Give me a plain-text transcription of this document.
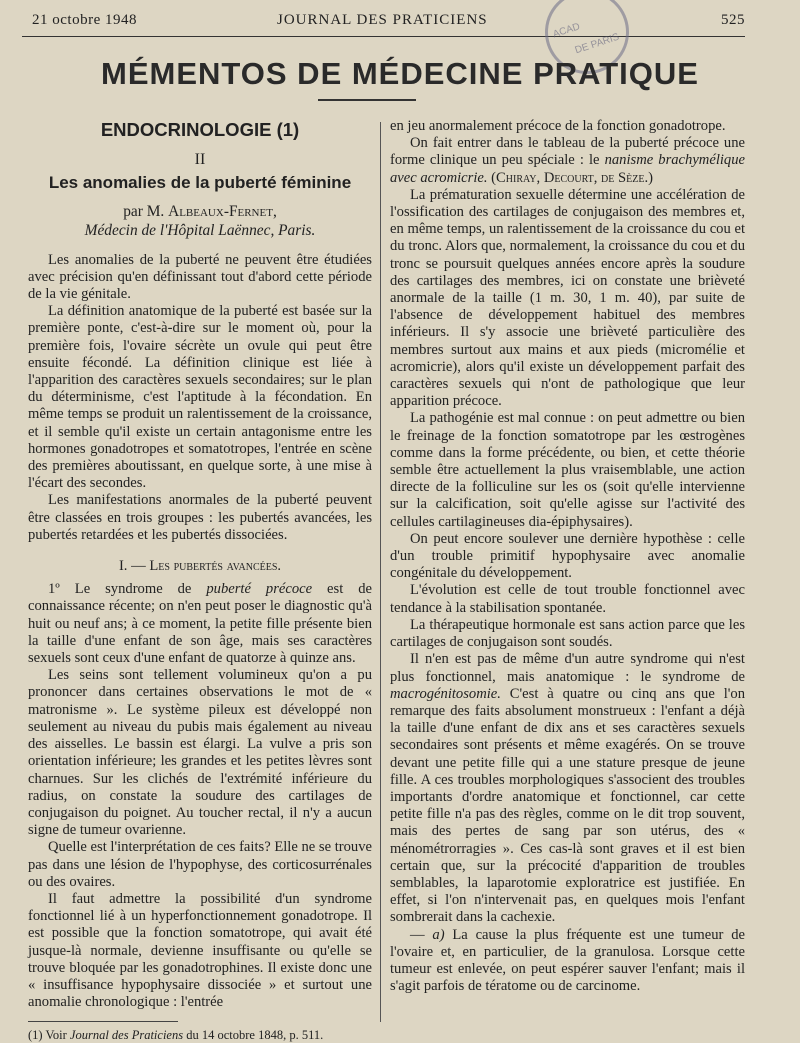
21 octobre 1948	JOURNAL DES PRATICIENS	525
ACAD
DE PARIS
MÉMENTOS DE MÉDECINE PRATIQUE
ENDOCRINOLOGIE (1)
II
Les anomalies de la puberté féminine
par M. Albeaux-Fernet,
Médecin de l'Hôpital Laënnec, Paris.

Les anomalies de la puberté ne peuvent être étudiées avec précision qu'en définissant tout d'abord cette période de la vie génitale.

La définition anatomique de la puberté est basée sur la première ponte, c'est-à-dire sur le moment où, pour la première fois, l'ovaire sécrète un ovule qui peut être ensuite fécondé. La définition clinique est liée à l'apparition des caractères sexuels secondaires; sur le plan du déterminisme, c'est l'aptitude à la fécondation. En même temps se produit un ralentissement de la croissance, et il semble qu'il existe un certain antagonisme entre les hormones gonadotropes et somatotropes, l'entrée en scène des premières aboutissant, en quelque sorte, à une mise à l'écart des secondes.

Les manifestations anormales de la puberté peuvent être classées en trois groupes : les pubertés avancées, les pubertés retardées et les pubertés dissociées.

I. — Les pubertés avancées.

1º Le syndrome de puberté précoce est de connaissance récente; on n'en peut poser le diagnostic qu'à huit ou neuf ans; à ce moment, la petite fille présente bien la taille d'une enfant de son âge, mais ses caractères sexuels sont ceux d'une enfant de quatorze à quinze ans.

Les seins sont tellement volumineux qu'on a pu prononcer dans certaines observations le mot de « matronisme ». Le système pileux est développé non seulement au niveau du pubis mais également au niveau des aisselles. Le bassin est élargi. La vulve a pris son orientation inférieure; les grandes et les petites lèvres sont charnues. Sur les clichés de l'extrémité inférieure du radius, on constate la soudure des cartilages de conjugaison du poignet. Au toucher rectal, il n'y a aucun signe de tumeur ovarienne.

Quelle est l'interprétation de ces faits? Elle ne se trouve pas dans une lésion de l'hypophyse, des corticosurrénales ou des ovaires.

Il faut admettre la possibilité d'un syndrome fonctionnel lié à un hyperfonctionnement gonadotrope. Il est possible que la fonction somatotrope, qui avait été jusque-là normale, devienne insuffisante ou qu'elle se trouve bloquée par les gonadotrophines. Il existe donc une « insuffisance hypophysaire dissociée » et surtout une anomalie chronologique : l'entrée

(1) Voir Journal des Praticiens du 14 octobre 1848, p. 511.

en jeu anormalement précoce de la fonction gonadotrope.

On fait entrer dans le tableau de la puberté précoce une forme clinique un peu spéciale : le nanisme brachymélique avec acromicrie. (Chiray, Decourt, de Sèze.)

La prématuration sexuelle détermine une accélération de l'ossification des cartilages de conjugaison des membres et, en même temps, un ralentissement de la croissance du cou et du tronc. Alors que, normalement, la croissance du cou et du tronc se poursuit quelques années encore après la soudure des cartilages des membres, ici on constate une brièveté anormale de la taille (1 m. 30, 1 m. 40), par suite de l'absence de développement habituel des membres inférieurs. Il s'y associe une brièveté particulière des membres surtout aux mains et aux pieds (micromélie et acromicrie), alors qu'il existe un développement parfait des caractères sexuels qui n'ont de pathologique que leur apparition précoce.

La pathogénie est mal connue : on peut admettre ou bien le freinage de la fonction somatotrope par les œstrogènes comme dans la forme précédente, ou bien, et cette théorie semble être actuellement la plus vraisemblable, une action directe de la folliculine sur les os (soit qu'elle intervienne sur la calcification, soit qu'elle agisse sur l'activité des cellules cartilagineuses dia-épiphysaires).

On peut encore soulever une dernière hypothèse : celle d'un trouble primitif hypophysaire avec anomalie congénitale du développement.

L'évolution est celle de tout trouble fonctionnel avec tendance à la stabilisation spontanée.

La thérapeutique hormonale est sans action parce que les cartilages de conjugaison sont soudés.

Il n'en est pas de même d'un autre syndrome qui n'est plus fonctionnel, mais anatomique : le syndrome de macrogénitosomie. C'est à quatre ou cinq ans que l'on remarque des faits absolument monstrueux : l'enfant a déjà la taille d'une enfant de dix ans et ses caractères sexuels secondaires sont présents et même exagérés. On se trouve devant une petite fille qui a une stature presque de jeune fille. A ces troubles morphologiques s'associent des troubles importants d'ordre anatomique et fonctionnel, car cette petite fille n'a pas des règles, comme on le dit trop souvent, mais des pertes de sang par son utérus, des « ménométrorragies ». Ces cas-là sont graves et il est bien certain que, sur la précocité d'apparition de troubles semblables, la laparotomie exploratrice est justifiée. En effet, si l'on n'intervenait pas, en quelques mois l'enfant sombrerait dans la cachexie.

— a) La cause la plus fréquente est une tumeur de l'ovaire et, en particulier, de la granulosa. Lorsque cette tumeur est enlevée, on peut espérer sauver l'enfant; mais il s'agit parfois de tératome ou de carcinome.
